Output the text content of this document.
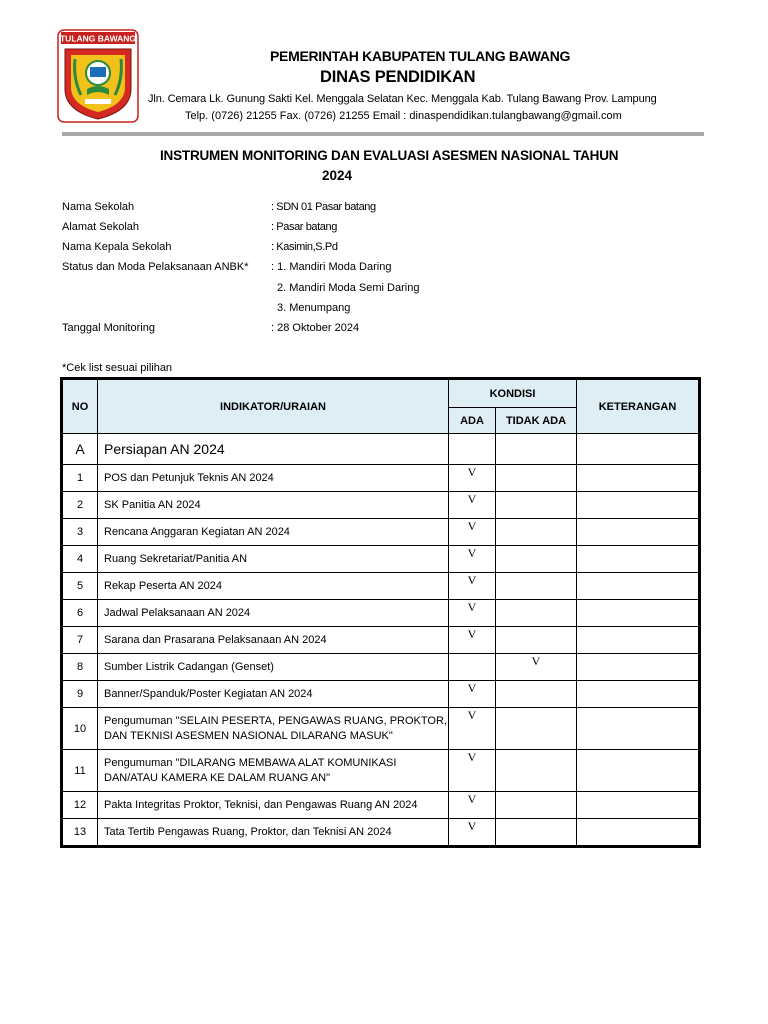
TULANG BAWANG
PEMERINTAH KABUPATEN TULANG BAWANG
DINAS PENDIDIKAN
Jln. Cemara Lk. Gunung Sakti Kel. Menggala Selatan Kec. Menggala Kab. Tulang Bawang Prov. Lampung
Telp. (0726) 21255 Fax. (0726) 21255 Email : dinaspendidikan.tulangbawang@gmail.com
INSTRUMEN MONITORING DAN EVALUASI ASESMEN NASIONAL TAHUN
2024
Nama Sekolah	: SDN 01 Pasar batang
Alamat Sekolah	: Pasar batang
Nama Kepala Sekolah	: Kasimin,S.Pd
Status dan Moda Pelaksanaan ANBK* : 1. Mandiri Moda Daring
2. Mandiri Moda Semi Daring
3. Menumpang
Tanggal Monitoring	: 28 Oktober 2024
*Cek list sesuai pilihan
NO	INDIKATOR/URAIAN	KONDISI		KETERANGAN
		ADA	TIDAK ADA	
A	Persiapan AN 2024			
1	POS dan Petunjuk Teknis AN 2024	V		
2	SK Panitia AN 2024	V		
3	Rencana Anggaran Kegiatan AN 2024	V		
4	Ruang Sekretariat/Panitia AN	V		
5	Rekap Peserta AN 2024	V		
6	Jadwal Pelaksanaan AN 2024	V		
7	Sarana dan Prasarana Pelaksanaan AN 2024	V		
8	Sumber Listrik Cadangan (Genset)		V	
9	Banner/Spanduk/Poster Kegiatan AN 2024	V		
10	Pengumuman "SELAIN PESERTA, PENGAWAS RUANG, PROKTOR, DAN TEKNISI ASESMEN NASIONAL DILARANG MASUK"	V		
11	Pengumuman "DILARANG MEMBAWA ALAT KOMUNIKASI DAN/ATAU KAMERA KE DALAM RUANG AN"	V		
12	Pakta Integritas Proktor, Teknisi, dan Pengawas Ruang AN 2024	V		
13	Tata Tertib Pengawas Ruang, Proktor, dan Teknisi AN 2024	V		
